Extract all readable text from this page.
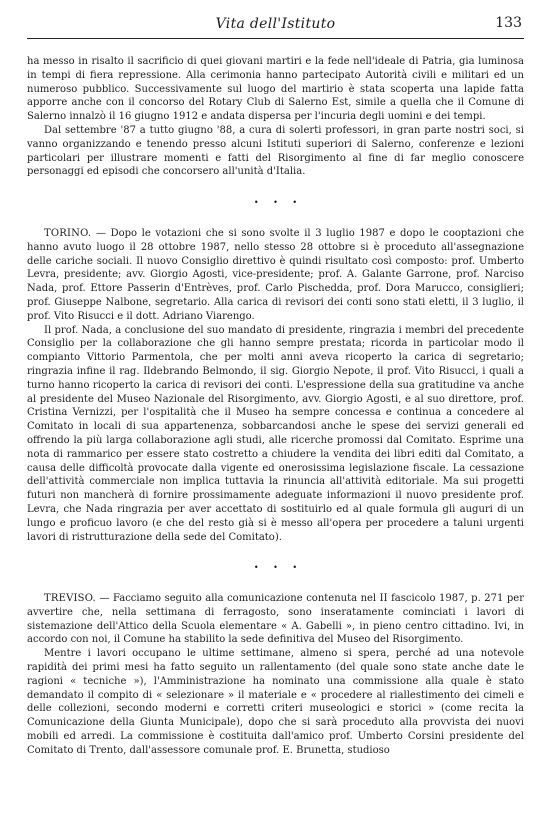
Vita dell'Istituto	133

ha messo in risalto il sacrificio di quei giovani martiri e la fede nell'ideale di Patria, gia luminosa in tempi di fiera repressione. Alla cerimonia hanno partecipato Autorità civili e militari ed un numeroso pubblico. Successivamente sul luogo del martirio è stata scoperta una lapide fatta apporre anche con il concorso del Rotary Club di Salerno Est, simile a quella che il Comune di Salerno innalzò il 16 giugno 1912 e andata dispersa per l'incuria degli uomini e dei tempi.

Dal settembre '87 a tutto giugno '88, a cura di solerti professori, in gran parte nostri soci, si vanno organizzando e tenendo presso alcuni Istituti superiori di Salerno, conferenze e lezioni particolari per illustrare momenti e fatti del Risorgimento al fine di far meglio conoscere personaggi ed episodi che concorsero all'unità d'Italia.

• • •

TORINO. — Dopo le votazioni che si sono svolte il 3 luglio 1987 e dopo le cooptazioni che hanno avuto luogo il 28 ottobre 1987, nello stesso 28 ottobre si è proceduto all'assegnazione delle cariche sociali. Il nuovo Consiglio direttivo è quindi risultato così composto: prof. Umberto Levra, presidente; avv. Giorgio Agosti, vice-presidente; prof. A. Galante Garrone, prof. Narciso Nada, prof. Ettore Passerin d'Entrèves, prof. Carlo Pischedda, prof. Dora Marucco, consiglieri; prof. Giuseppe Nalbone, segretario. Alla carica di revisori dei conti sono stati eletti, il 3 luglio, il prof. Vito Risucci e il dott. Adriano Viarengo.

Il prof. Nada, a conclusione del suo mandato di presidente, ringrazia i membri del precedente Consiglio per la collaborazione che gli hanno sempre prestata; ricorda in particolar modo il compianto Vittorio Parmentola, che per molti anni aveva ricoperto la carica di segretario; ringrazia infine il rag. Ildebrando Belmondo, il sig. Giorgio Nepote, il prof. Vito Risucci, i quali a turno hanno ricoperto la carica di revisori dei conti. L'espressione della sua gratitudine va anche al presidente del Museo Nazionale del Risorgimento, avv. Giorgio Agosti, e al suo direttore, prof. Cristina Vernizzi, per l'ospitalità che il Museo ha sempre concessa e continua a concedere al Comitato in locali di sua appartenenza, sobbarcandosi anche le spese dei servizi generali ed offrendo la più larga collaborazione agli studi, alle ricerche promossi dal Comitato. Esprime una nota di rammarico per essere stato costretto a chiudere la vendita dei libri editi dal Comitato, a causa delle difficoltà provocate dalla vigente ed onerosissima legislazione fiscale. La cessazione dell'attività commerciale non implica tuttavia la rinuncia all'attività editoriale. Ma sui progetti futuri non mancherà di fornire prossimamente adeguate informazioni il nuovo presidente prof. Levra, che Nada ringrazia per aver accettato di sostituirlo ed al quale formula gli auguri di un lungo e proficuo lavoro (e che del resto già si è messo all'opera per procedere a taluni urgenti lavori di ristrutturazione della sede del Comitato).

• • •

TREVISO. — Facciamo seguito alla comunicazione contenuta nel II fascicolo 1987, p. 271 per avvertire che, nella settimana di ferragosto, sono inseratamente cominciati i lavori di sistemazione dell'Attico della Scuola elementare « A. Gabelli », in pieno centro cittadino. Ivi, in accordo con noi, il Comune ha stabilito la sede definitiva del Museo del Risorgimento.

Mentre i lavori occupano le ultime settimane, almeno si spera, perché ad una notevole rapidità dei primi mesi ha fatto seguito un rallentamento (del quale sono state anche date le ragioni « tecniche »), l'Amministrazione ha nominato una commissione alla quale è stato demandato il compito di « selezionare » il materiale e « procedere al riallestimento dei cimeli e delle collezioni, secondo moderni e corretti criteri museologici e storici » (come recita la Comunicazione della Giunta Municipale), dopo che si sarà proceduto alla provvista dei nuovi mobili ed arredi. La commissione è costituita dall'amico prof. Umberto Corsini presidente del Comitato di Trento, dall'assessore comunale prof. E. Brunetta, studioso
